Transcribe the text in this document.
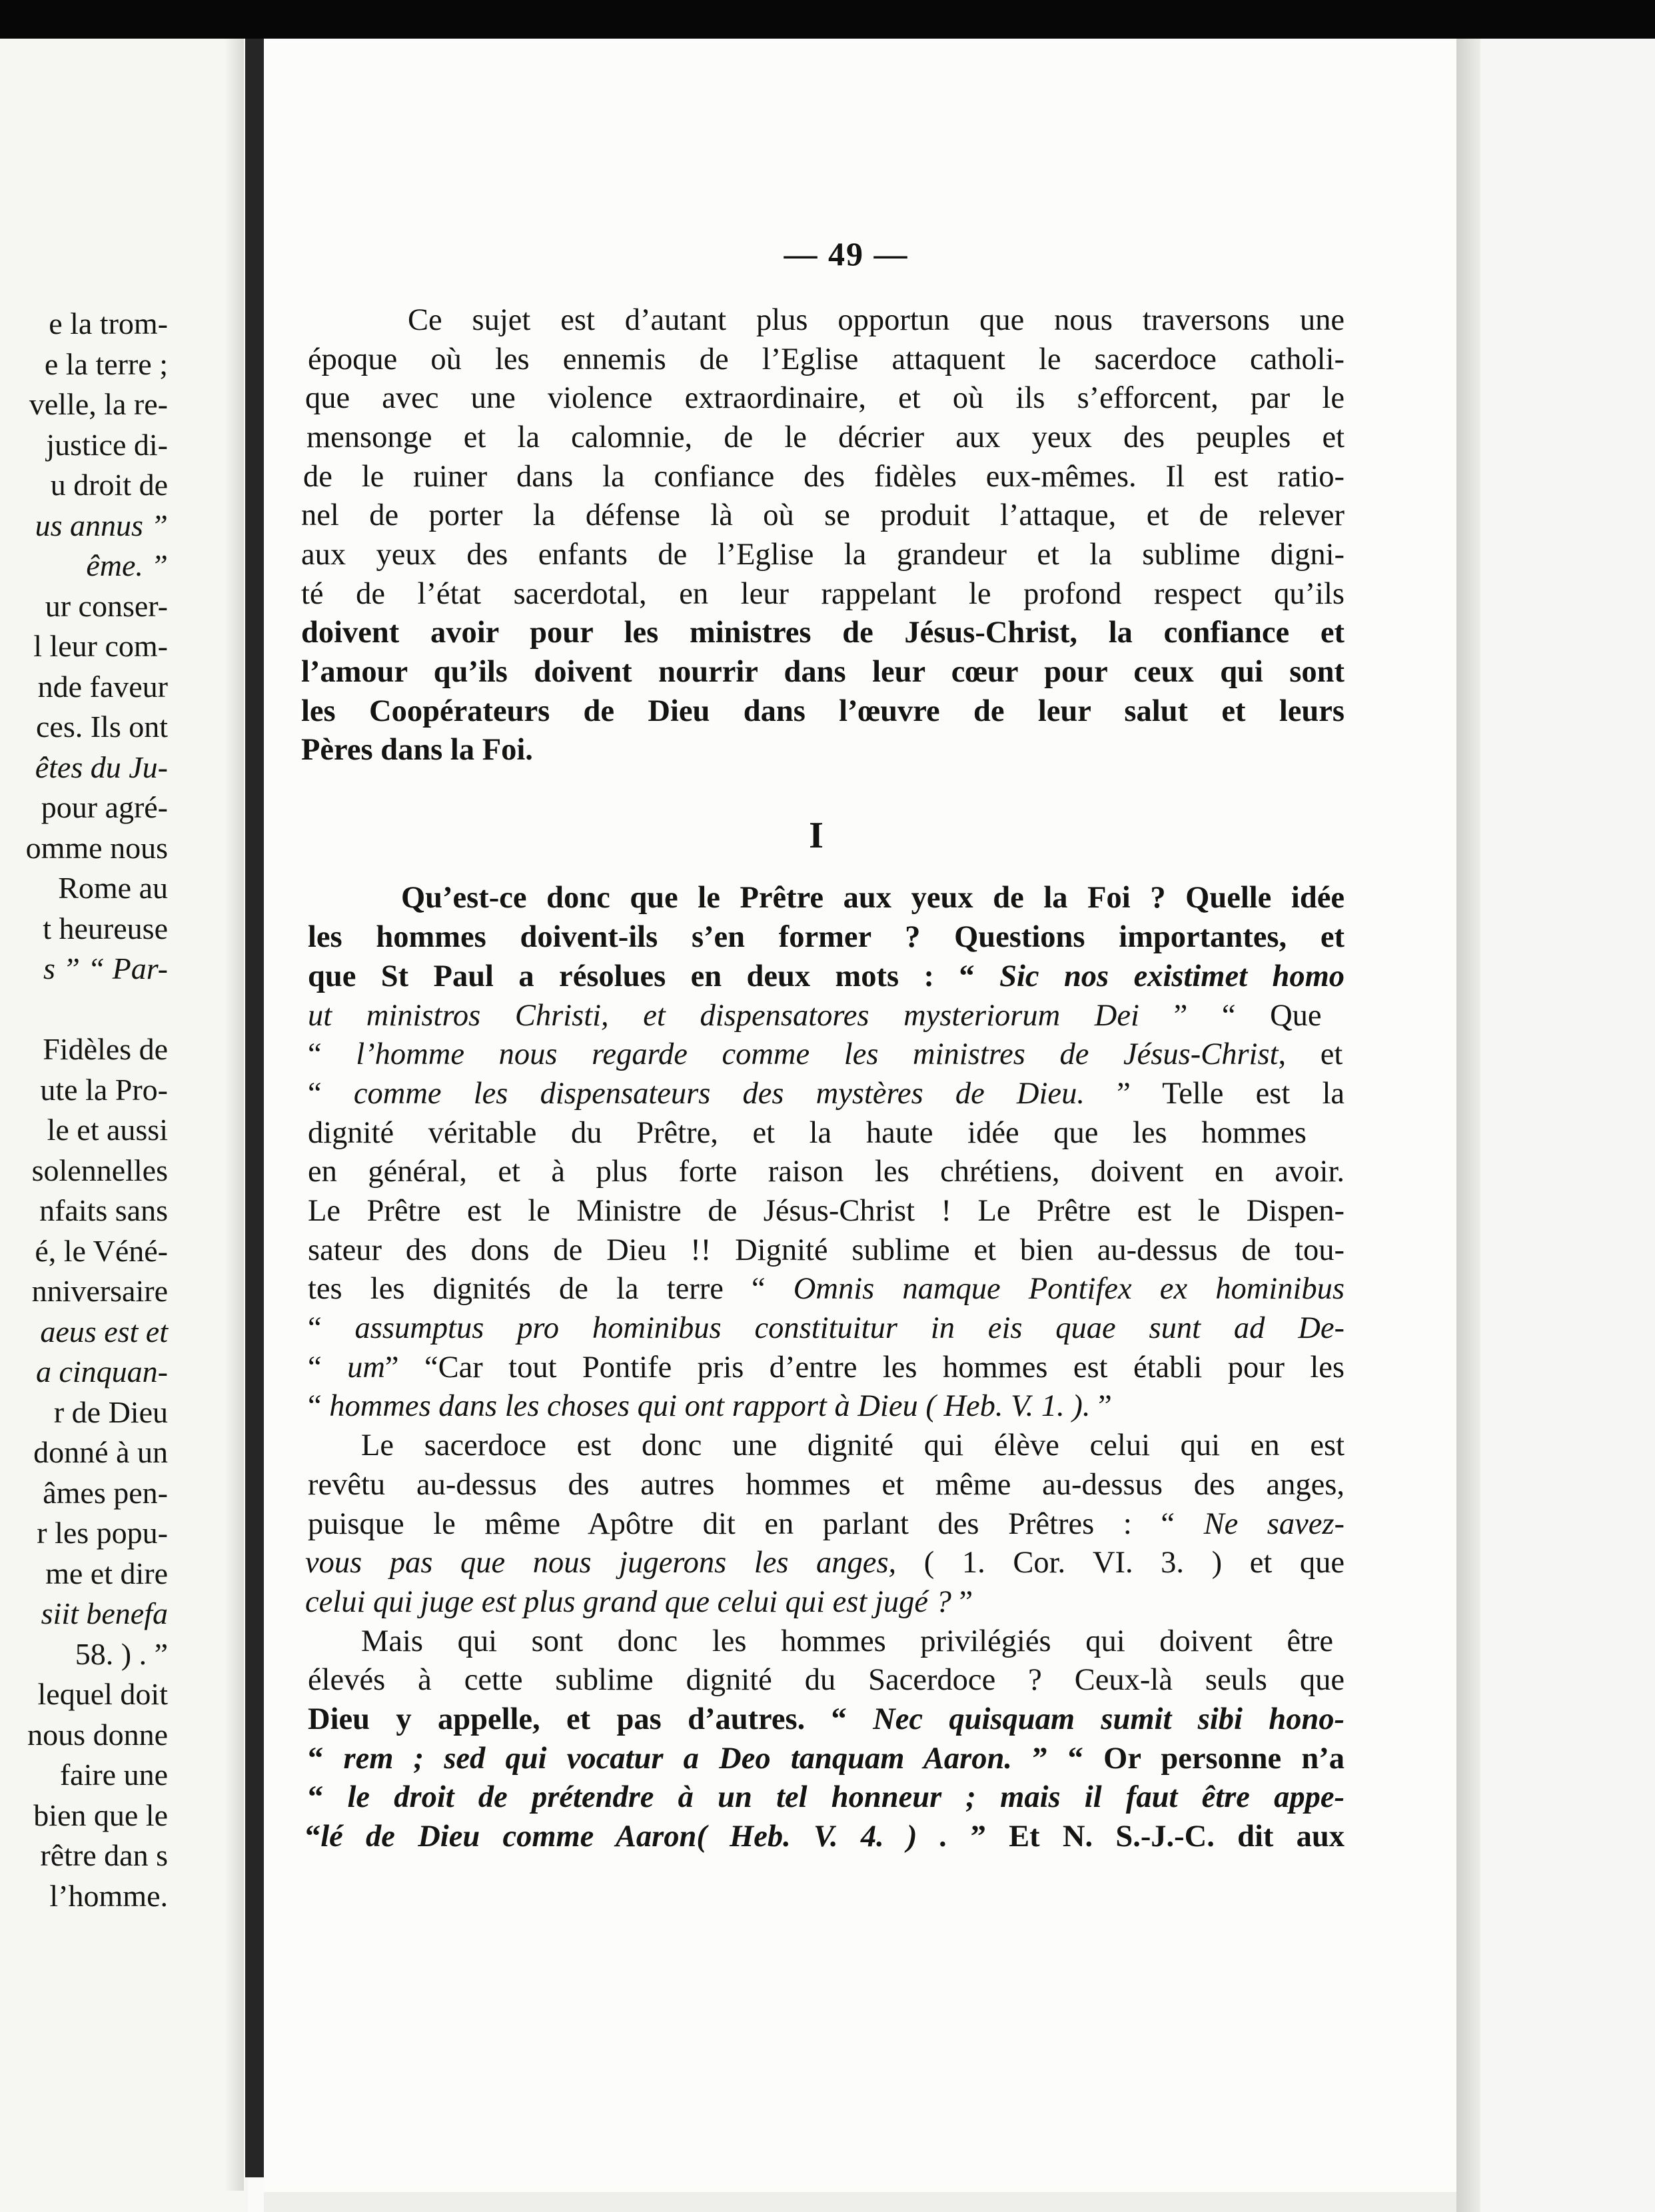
e la trom-
e la terre ;
velle, la re-
justice di-
u droit de
us annus ”
ême. ”
ur conser-
l leur com-
nde faveur
ces. Ils ont
êtes du Ju-
pour agré-
omme nous
Rome au
t heureuse
s ” “ Par-
Fidèles de
ute la Pro-
le et aussi
solennelles
nfaits sans
é, le Véné-
nniversaire
aeus est et
a cinquan-
r de Dieu
donné à un
âmes pen-
r les popu-
me et dire
siit benefa
58. ) . ”
lequel doit
nous donne
faire une
bien que le
rêtre dan s
l’homme.
— 49 —
I
Ce sujet est d’autant plus opportun que nous traversons une
époque où les ennemis de l’Eglise attaquent le sacerdoce catholi-
que avec une violence extraordinaire, et où ils s’efforcent, par le
mensonge et la calomnie, de le décrier aux yeux des peuples et
de le ruiner dans la confiance des fidèles eux-mêmes. Il est ratio-
nel de porter la défense là où se produit l’attaque, et de relever
aux yeux des enfants de l’Eglise la grandeur et la sublime digni-
té de l’état sacerdotal, en leur rappelant le profond respect qu’ils
doivent avoir pour les ministres de Jésus-Christ, la confiance et
l’amour qu’ils doivent nourrir dans leur cœur pour ceux qui sont
les Coopérateurs de Dieu dans l’œuvre de leur salut et leurs
Pères dans la Foi.
Qu’est-ce donc que le Prêtre aux yeux de la Foi ? Quelle idée
les hommes doivent-ils s’en former ? Questions importantes, et
que St Paul a résolues en deux mots : “ Sic nos existimet homo
ut ministros Christi, et dispensatores mysteriorum Dei ” “ Que
“ l’homme nous regarde comme les ministres de Jésus-Christ, et
“ comme les dispensateurs des mystères de Dieu. ” Telle est la
dignité véritable du Prêtre, et la haute idée que les hommes
en général, et à plus forte raison les chrétiens, doivent en avoir.
Le Prêtre est le Ministre de Jésus-Christ ! Le Prêtre est le Dispen-
sateur des dons de Dieu !! Dignité sublime et bien au-dessus de tou-
tes les dignités de la terre “ Omnis namque Pontifex ex hominibus
“ assumptus pro hominibus constituitur in eis quae sunt ad De-
“ um” “Car tout Pontife pris d’entre les hommes est établi pour les
“ hommes dans les choses qui ont rapport à Dieu ( Heb. V. 1. ). ”
Le sacerdoce est donc une dignité qui élève celui qui en est
revêtu au-dessus des autres hommes et même au-dessus des anges,
puisque le même Apôtre dit en parlant des Prêtres : “ Ne savez-
vous pas que nous jugerons les anges, ( 1. Cor. VI. 3. ) et que
celui qui juge est plus grand que celui qui est jugé ? ”
Mais qui sont donc les hommes privilégiés qui doivent être
élevés à cette sublime dignité du Sacerdoce ? Ceux-là seuls que
Dieu y appelle, et pas d’autres. “ Nec quisquam sumit sibi hono-
“ rem ; sed qui vocatur a Deo tanquam Aaron. ” “ Or personne n’a
“ le droit de prétendre à un tel honneur ; mais il faut être appe-
“lé de Dieu comme Aaron( Heb. V. 4. ) . ” Et N. S.-J.-C. dit aux
